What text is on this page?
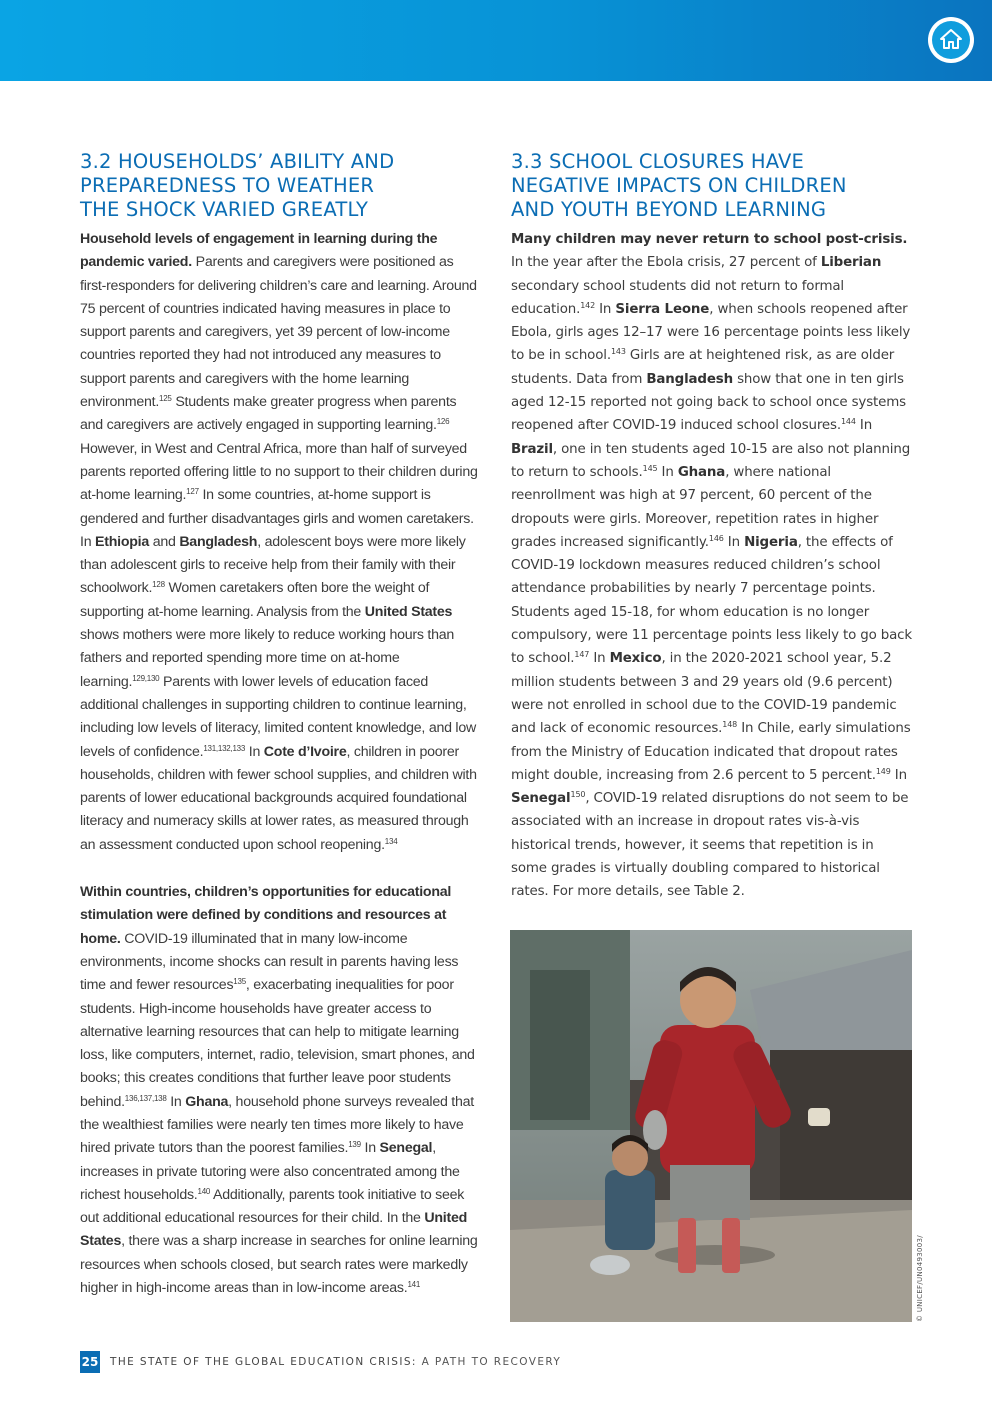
3.2 HOUSEHOLDS’ ABILITY AND
PREPAREDNESS TO WEATHER
THE SHOCK VARIED GREATLY

Household levels of engagement in learning during the pandemic varied. Parents and caregivers were positioned as first-responders for delivering children’s care and learning. Around 75 percent of countries indicated having measures in place to support parents and caregivers, yet 39 percent of low-income countries reported they had not introduced any measures to support parents and caregivers with the home learning environment.$^{125}$ Students make greater progress when parents and caregivers are actively engaged in supporting learning.$^{126}$ However, in West and Central Africa, more than half of surveyed parents reported offering little to no support to their children during at-home learning.$^{127}$ In some countries, at-home support is gendered and further disadvantages girls and women caretakers. In Ethiopia and Bangladesh, adolescent boys were more likely than adolescent girls to receive help from their family with their schoolwork.$^{128}$ Women caretakers often bore the weight of supporting at-home learning. Analysis from the United States shows mothers were more likely to reduce working hours than fathers and reported spending more time on at-home learning.$^{129,130}$ Parents with lower levels of education faced additional challenges in supporting children to continue learning, including low levels of literacy, limited content knowledge, and low levels of confidence.$^{131,132,133}$ In Cote d’Ivoire, children in poorer households, children with fewer school supplies, and children with parents of lower educational backgrounds acquired foundational literacy and numeracy skills at lower rates, as measured through an assessment conducted upon school reopening.$^{134}$

Within countries, children’s opportunities for educational stimulation were defined by conditions and resources at home. COVID-19 illuminated that in many low-income environments, income shocks can result in parents having less time and fewer resources$^{135}$, exacerbating inequalities for poor students. High-income households have greater access to alternative learning resources that can help to mitigate learning loss, like computers, internet, radio, television, smart phones, and books; this creates conditions that further leave poor students behind.$^{136,137,138}$ In Ghana, household phone surveys revealed that the wealthiest families were nearly ten times more likely to have hired private tutors than the poorest families.$^{139}$ In Senegal, increases in private tutoring were also concentrated among the richest households.$^{140}$ Additionally, parents took initiative to seek out additional educational resources for their child. In the United States, there was a sharp increase in searches for online learning resources when schools closed, but search rates were markedly higher in high-income areas than in low-income areas.$^{141}$

3.3 SCHOOL CLOSURES HAVE
NEGATIVE IMPACTS ON CHILDREN
AND YOUTH BEYOND LEARNING

Many children may never return to school post-crisis. In the year after the Ebola crisis, 27 percent of Liberian secondary school students did not return to formal education.$^{142}$ In Sierra Leone, when schools reopened after Ebola, girls ages 12–17 were 16 percentage points less likely to be in school.$^{143}$ Girls are at heightened risk, as are older students. Data from Bangladesh show that one in ten girls aged 12-15 reported not going back to school once systems reopened after COVID-19 induced school closures.$^{144}$ In Brazil, one in ten students aged 10-15 are also not planning to return to schools.$^{145}$ In Ghana, where national reenrollment was high at 97 percent, 60 percent of the dropouts were girls. Moreover, repetition rates in higher grades increased significantly.$^{146}$ In Nigeria, the effects of COVID-19 lockdown measures reduced children’s school attendance probabilities by nearly 7 percentage points. Students aged 15-18, for whom education is no longer compulsory, were 11 percentage points less likely to go back to school.$^{147}$ In Mexico, in the 2020-2021 school year, 5.2 million students between 3 and 29 years old (9.6 percent) were not enrolled in school due to the COVID-19 pandemic and lack of economic resources.$^{148}$ In Chile, early simulations from the Ministry of Education indicated that dropout rates might double, increasing from 2.6 percent to 5 percent.$^{149}$ In Senegal$^{150}$, COVID-19 related disruptions do not seem to be associated with an increase in dropout rates vis-à-vis historical trends, however, it seems that repetition is in some grades is virtually doubling compared to historical rates. For more details, see Table 2.

© UNICEF/UN0493003/
25 THE STATE OF THE GLOBAL EDUCATION CRISIS: A PATH TO RECOVERY
